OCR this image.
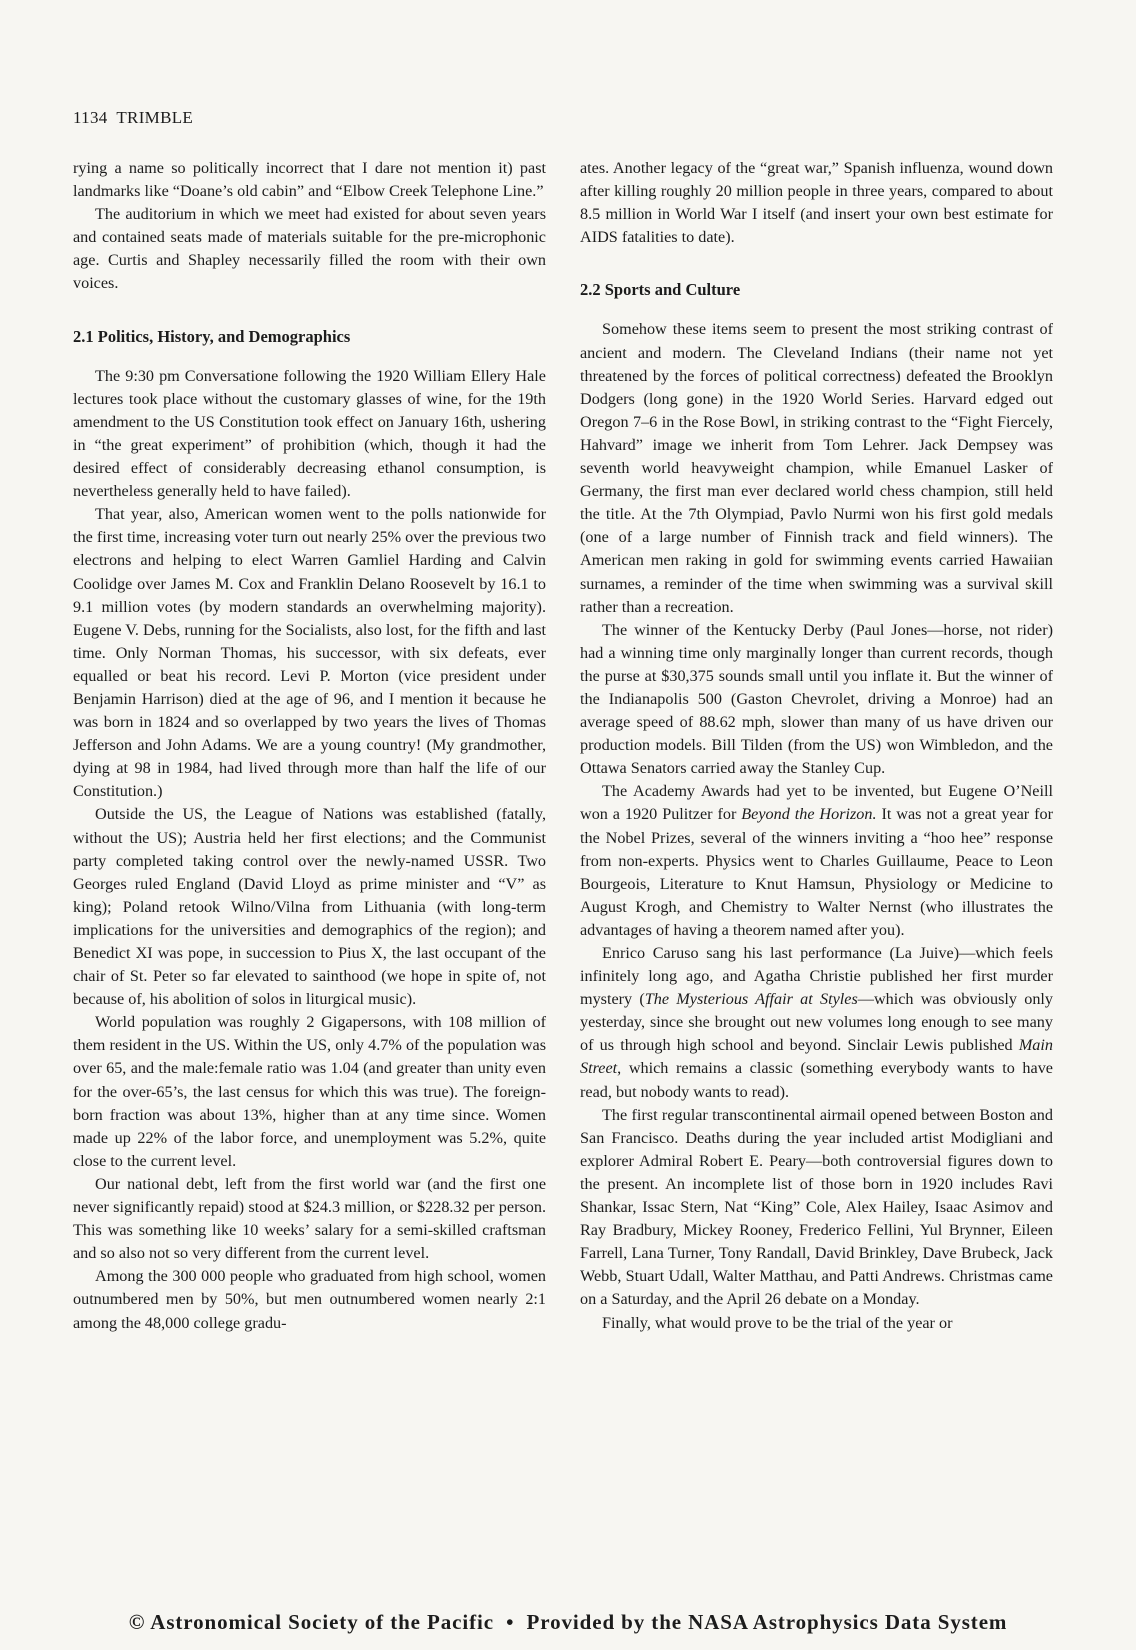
1134 TRIMBLE

rying a name so politically incorrect that I dare not mention it) past landmarks like “Doane’s old cabin” and “Elbow Creek Telephone Line.”

The auditorium in which we meet had existed for about seven years and contained seats made of materials suitable for the pre-microphonic age. Curtis and Shapley necessarily filled the room with their own voices.

2.1 Politics, History, and Demographics

The 9:30 pm Conversatione following the 1920 William Ellery Hale lectures took place without the customary glasses of wine, for the 19th amendment to the US Constitution took effect on January 16th, ushering in “the great experiment” of prohibition (which, though it had the desired effect of considerably decreasing ethanol consumption, is nevertheless generally held to have failed).

That year, also, American women went to the polls nationwide for the first time, increasing voter turn out nearly 25% over the previous two electrons and helping to elect Warren Gamliel Harding and Calvin Coolidge over James M. Cox and Franklin Delano Roosevelt by 16.1 to 9.1 million votes (by modern standards an overwhelming majority). Eugene V. Debs, running for the Socialists, also lost, for the fifth and last time. Only Norman Thomas, his successor, with six defeats, ever equalled or beat his record. Levi P. Morton (vice president under Benjamin Harrison) died at the age of 96, and I mention it because he was born in 1824 and so overlapped by two years the lives of Thomas Jefferson and John Adams. We are a young country! (My grandmother, dying at 98 in 1984, had lived through more than half the life of our Constitution.)

Outside the US, the League of Nations was established (fatally, without the US); Austria held her first elections; and the Communist party completed taking control over the newly-named USSR. Two Georges ruled England (David Lloyd as prime minister and “V” as king); Poland retook Wilno/Vilna from Lithuania (with long-term implications for the universities and demographics of the region); and Benedict XI was pope, in succession to Pius X, the last occupant of the chair of St. Peter so far elevated to sainthood (we hope in spite of, not because of, his abolition of solos in liturgical music).

World population was roughly 2 Gigapersons, with 108 million of them resident in the US. Within the US, only 4.7% of the population was over 65, and the male:female ratio was 1.04 (and greater than unity even for the over-65’s, the last census for which this was true). The foreign-born fraction was about 13%, higher than at any time since. Women made up 22% of the labor force, and unemployment was 5.2%, quite close to the current level.

Our national debt, left from the first world war (and the first one never significantly repaid) stood at $24.3 million, or $228.32 per person. This was something like 10 weeks’ salary for a semi-skilled craftsman and so also not so very different from the current level.

Among the 300 000 people who graduated from high school, women outnumbered men by 50%, but men outnumbered women nearly 2:1 among the 48,000 college gradu-

ates. Another legacy of the “great war,” Spanish influenza, wound down after killing roughly 20 million people in three years, compared to about 8.5 million in World War I itself (and insert your own best estimate for AIDS fatalities to date).

2.2 Sports and Culture

Somehow these items seem to present the most striking contrast of ancient and modern. The Cleveland Indians (their name not yet threatened by the forces of political correctness) defeated the Brooklyn Dodgers (long gone) in the 1920 World Series. Harvard edged out Oregon 7–6 in the Rose Bowl, in striking contrast to the “Fight Fiercely, Hahvard” image we inherit from Tom Lehrer. Jack Dempsey was seventh world heavyweight champion, while Emanuel Lasker of Germany, the first man ever declared world chess champion, still held the title. At the 7th Olympiad, Pavlo Nurmi won his first gold medals (one of a large number of Finnish track and field winners). The American men raking in gold for swimming events carried Hawaiian surnames, a reminder of the time when swimming was a survival skill rather than a recreation.

The winner of the Kentucky Derby (Paul Jones—horse, not rider) had a winning time only marginally longer than current records, though the purse at $30,375 sounds small until you inflate it. But the winner of the Indianapolis 500 (Gaston Chevrolet, driving a Monroe) had an average speed of 88.62 mph, slower than many of us have driven our production models. Bill Tilden (from the US) won Wimbledon, and the Ottawa Senators carried away the Stanley Cup.

The Academy Awards had yet to be invented, but Eugene O’Neill won a 1920 Pulitzer for Beyond the Horizon. It was not a great year for the Nobel Prizes, several of the winners inviting a “hoo hee” response from non-experts. Physics went to Charles Guillaume, Peace to Leon Bourgeois, Literature to Knut Hamsun, Physiology or Medicine to August Krogh, and Chemistry to Walter Nernst (who illustrates the advantages of having a theorem named after you).

Enrico Caruso sang his last performance (La Juive)—which feels infinitely long ago, and Agatha Christie published her first murder mystery (The Mysterious Affair at Styles—which was obviously only yesterday, since she brought out new volumes long enough to see many of us through high school and beyond. Sinclair Lewis published Main Street, which remains a classic (something everybody wants to have read, but nobody wants to read).

The first regular transcontinental airmail opened between Boston and San Francisco. Deaths during the year included artist Modigliani and explorer Admiral Robert E. Peary—both controversial figures down to the present. An incomplete list of those born in 1920 includes Ravi Shankar, Issac Stern, Nat “King” Cole, Alex Hailey, Isaac Asimov and Ray Bradbury, Mickey Rooney, Frederico Fellini, Yul Brynner, Eileen Farrell, Lana Turner, Tony Randall, David Brinkley, Dave Brubeck, Jack Webb, Stuart Udall, Walter Matthau, and Patti Andrews. Christmas came on a Saturday, and the April 26 debate on a Monday.

Finally, what would prove to be the trial of the year or

© Astronomical Society of the Pacific • Provided by the NASA Astrophysics Data System
